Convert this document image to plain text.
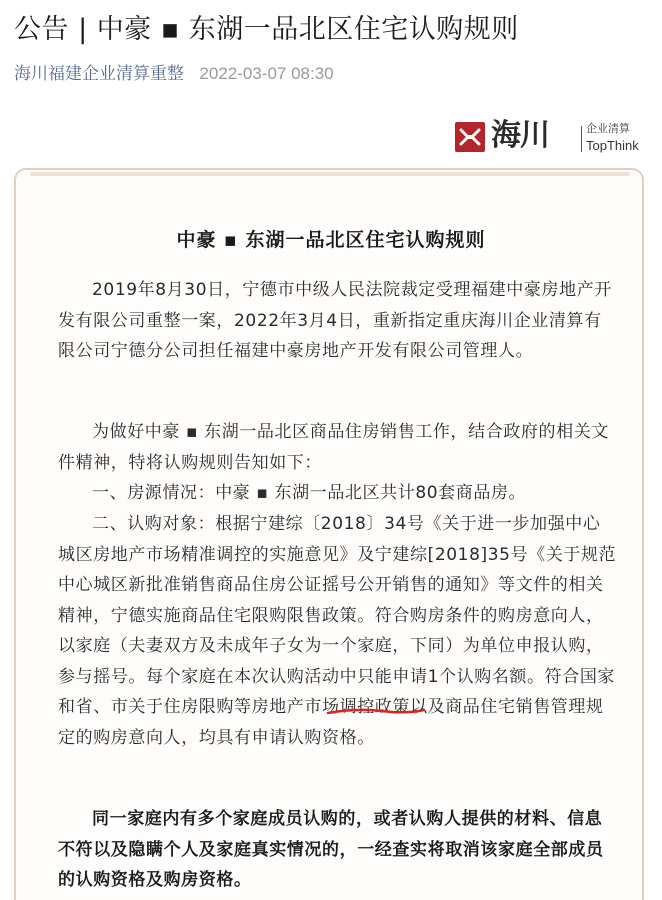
公告 | 中豪 ▪ 东湖一品北区住宅认购规则
海川福建企业清算重整 2022-03-07 08:30
海川	企业清算
TopThink
中豪 ▪ 东湖一品北区住宅认购规则
2019年8月30日，宁德市中级人民法院裁定受理福建中豪房地产开发有限公司重整一案，2022年3月4日，重新指定重庆海川企业清算有限公司宁德分公司担任福建中豪房地产开发有限公司管理人。
为做好中豪 ▪ 东湖一品北区商品住房销售工作，结合政府的相关文件精神，特将认购规则告知如下：
一、房源情况：中豪 ▪ 东湖一品北区共计80套商品房。
二、认购对象：根据宁建综〔2018〕34号《关于进一步加强中心城区房地产市场精准调控的实施意见》及宁建综[2018]35号《关于规范中心城区新批准销售商品住房公证摇号公开销售的通知》等文件的相关精神，宁德实施商品住宅限购限售政策。符合购房条件的购房意向人，以家庭（夫妻双方及未成年子女为一个家庭，下同）为单位申报认购，参与摇号。每个家庭在本次认购活动中只能申请1个认购名额。符合国家和省、市关于住房限购等房地产市场调控政策以及商品住宅销售管理规定的购房意向人，均具有申请认购资格。
同一家庭内有多个家庭成员认购的，或者认购人提供的材料、信息不符以及隐瞒个人及家庭真实情况的，一经查实将取消该家庭全部成员的认购资格及购房资格。
